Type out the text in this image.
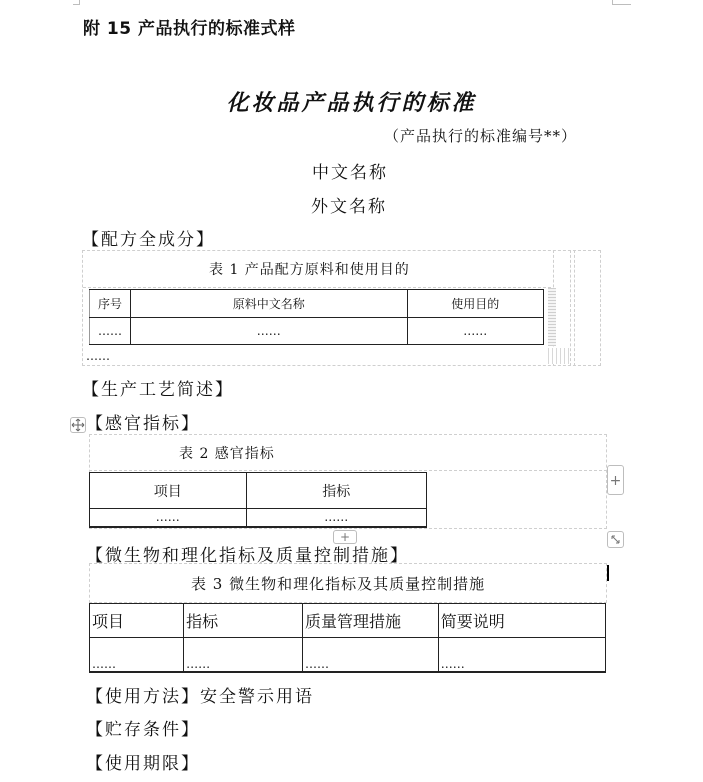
附 15 产品执行的标准式样
化妆品产品执行的标准
（产品执行的标准编号**）
中文名称
外文名称
【配方全成分】
表 1 产品配方原料和使用目的
序号	原料中文名称	使用目的
……	……	……
……
【生产工艺简述】
【感官指标】
表 2 感官指标
项目	指标
……	……
+
+
【微生物和理化指标及质量控制措施】
表 3 微生物和理化指标及其质量控制措施
项目	指标	质量管理措施	简要说明
……	……	……	……
【使用方法】安全警示用语
【贮存条件】
【使用期限】
